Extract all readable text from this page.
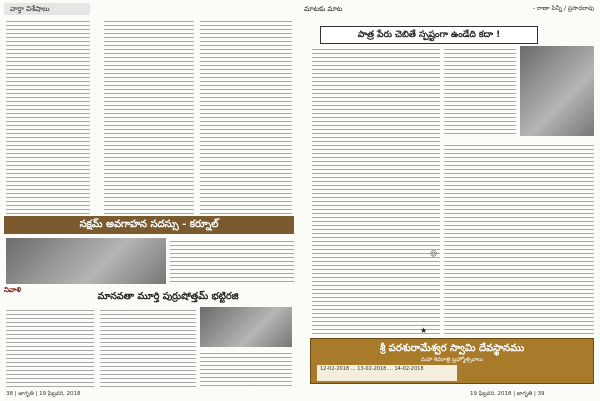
వార్తా విశేషాలు
సక్షమ్ అవగాహన సదస్సు - కర్నూల్
నివాళి
మానవతా మూర్తి పుర్రుషోత్తమ్ భట్టిరజి
38 | జాగృతి | 19 ఫిబ్రవరి, 2018
మాటకు మాట	- రాణా పిన్నీ / ప్రసాదరావు
పాత్ర పేరు చెబితే స్పష్టంగా ఉండేది కదా !
☺
★
శ్రీ పరశురామేశ్వర స్వామి దేవస్థానము
మహా శివరాత్రి బ్రహ్మోత్సవాలు
12-02-2018 … 13-02-2018 … 14-02-2018
19 ఫిబ్రవరి, 2018 | జాగృతి | 39
